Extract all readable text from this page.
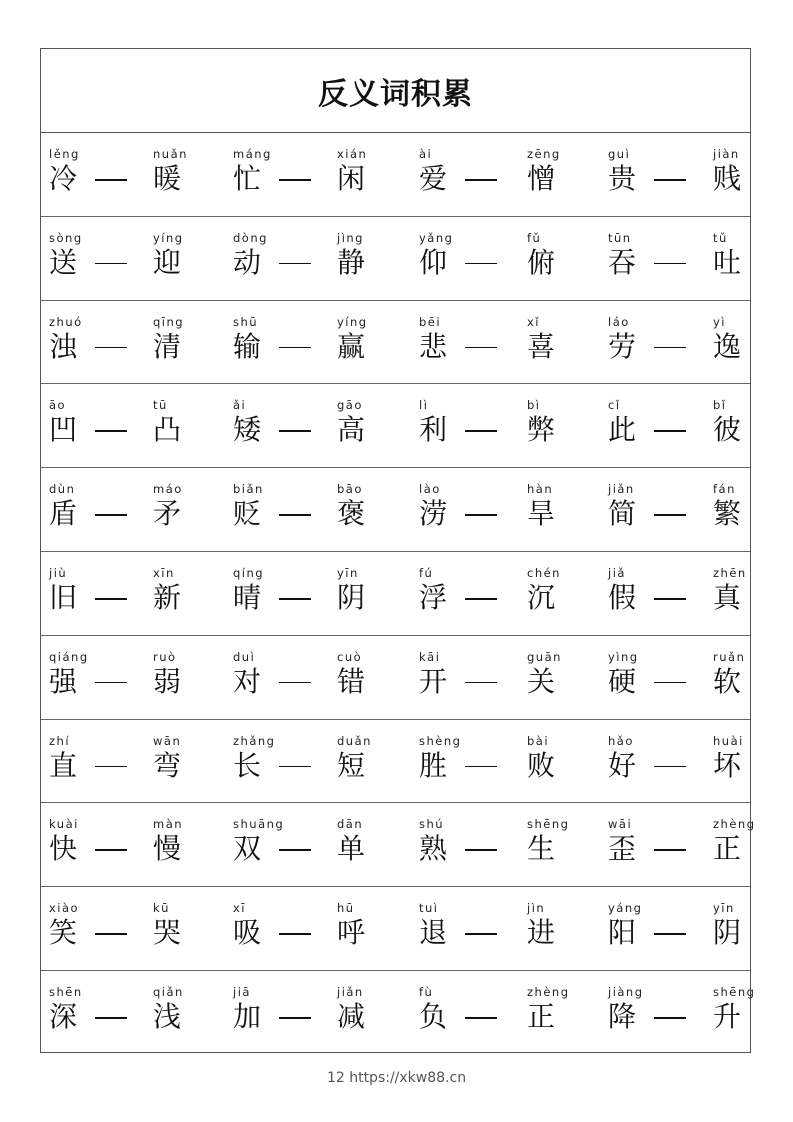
反义词积累
lěng
冷
nuǎn
暖
máng
忙
xián
闲
ài
爱
zēng
憎
guì
贵
jiàn
贱
sòng
送
yíng
迎
dòng
动
jìng
静
yǎng
仰
fǔ
俯
tūn
吞
tǔ
吐
zhuó
浊
qīng
清
shū
输
yíng
赢
bēi
悲
xǐ
喜
láo
劳
yì
逸
āo
凹
tū
凸
ǎi
矮
gāo
高
lì
利
bì
弊
cǐ
此
bǐ
彼
dùn
盾
máo
矛
biǎn
贬
bāo
褒
lào
涝
hàn
旱
jiǎn
简
fán
繁
jiù
旧
xīn
新
qíng
晴
yīn
阴
fú
浮
chén
沉
jiǎ
假
zhēn
真
qiáng
强
ruò
弱
duì
对
cuò
错
kāi
开
guān
关
yìng
硬
ruǎn
软
zhí
直
wān
弯
zhǎng
长
duǎn
短
shèng
胜
bài
败
hǎo
好
huài
坏
kuài
快
màn
慢
shuāng
双
dān
单
shú
熟
shēng
生
wāi
歪
zhèng
正
xiào
笑
kū
哭
xī
吸
hū
呼
tuì
退
jìn
进
yáng
阳
yīn
阴
shēn
深
qiǎn
浅
jiā
加
jiǎn
减
fù
负
zhèng
正
jiàng
降
shēng
升
12 https://xkw88.cn
